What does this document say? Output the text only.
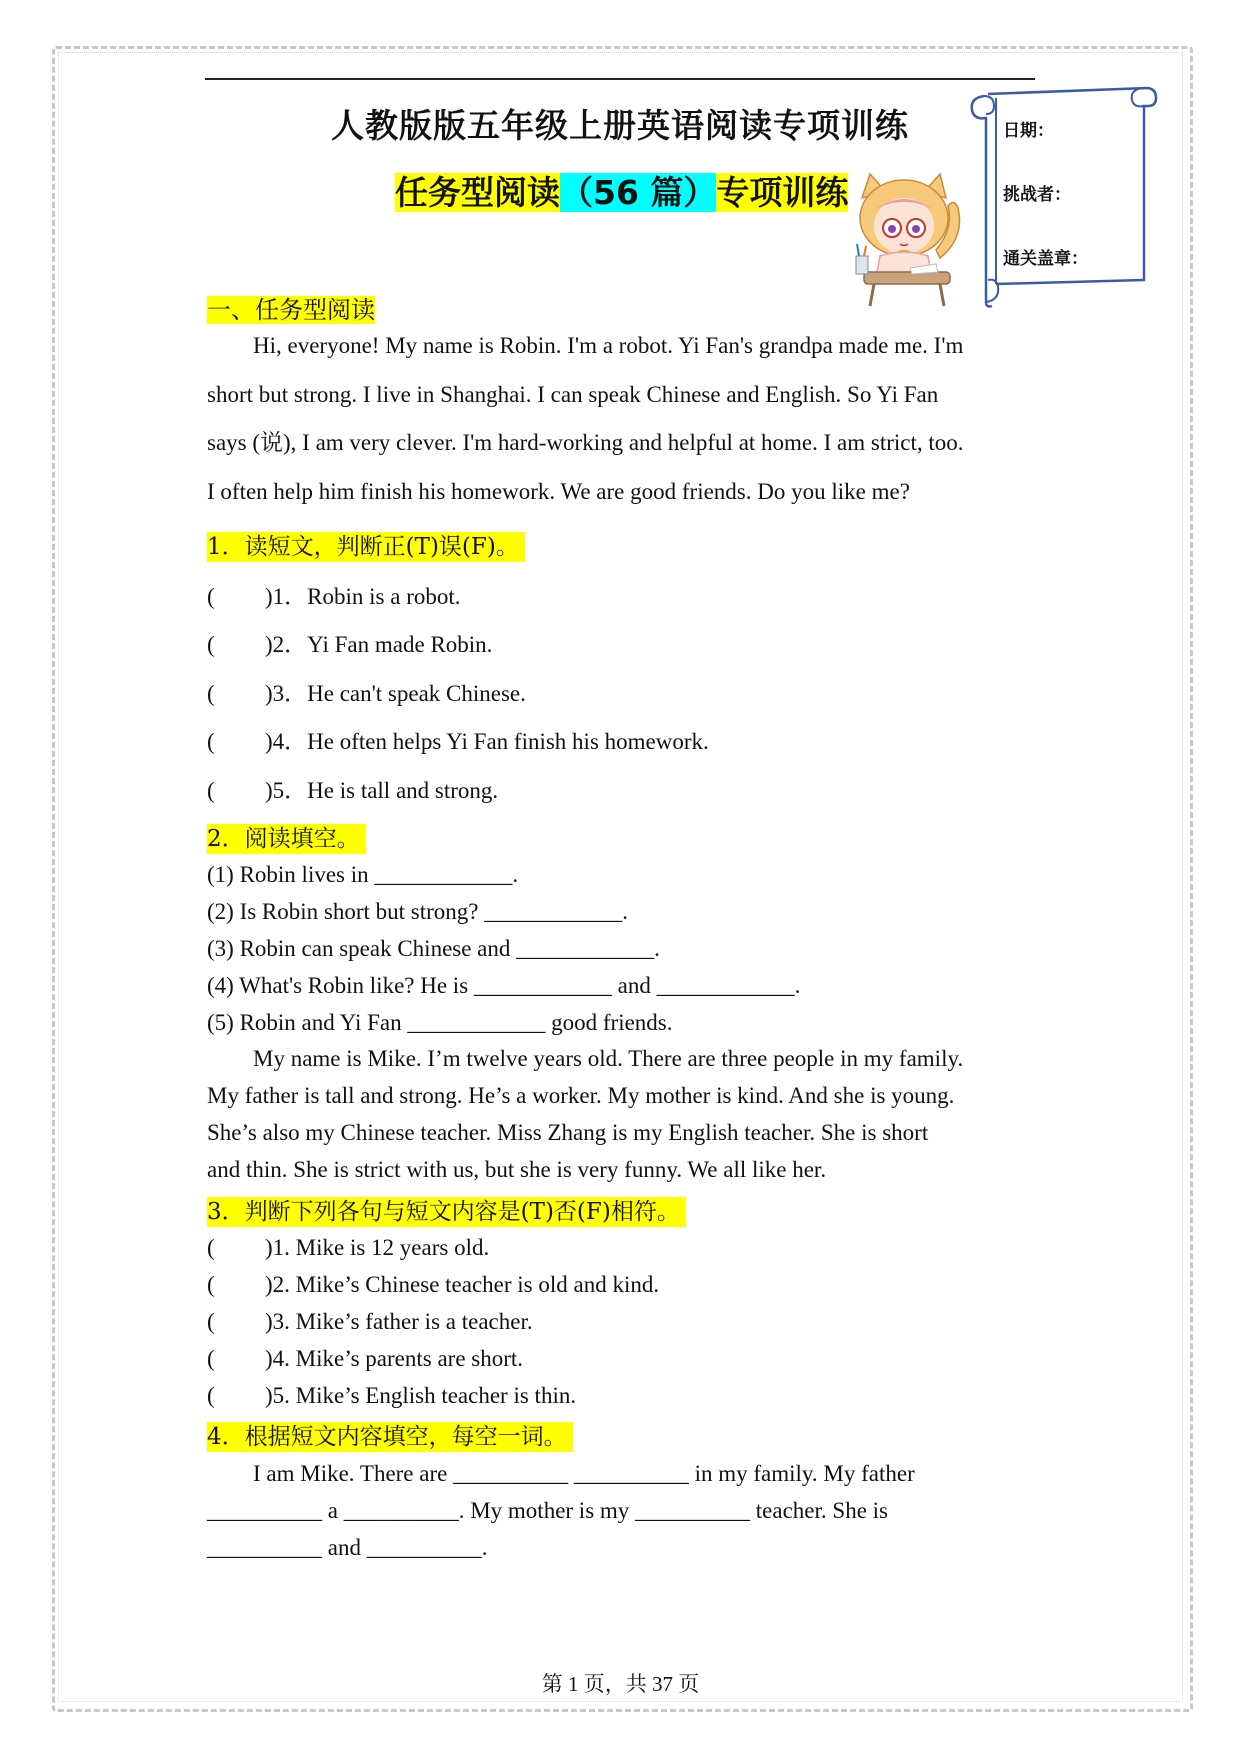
人教版版五年级上册英语阅读专项训练
任务型阅读（56 篇）专项训练
日期：
挑战者：
通关盖章：
一、任务型阅读
Hi, everyone! My name is Robin. I'm a robot. Yi Fan's grandpa made me. I'm
short but strong. I live in Shanghai. I can speak Chinese and English. So Yi Fan
says (说), I am very clever. I'm hard-working and helpful at home. I am strict, too.
I often help him finish his homework. We are good friends. Do you like me?
1．读短文，判断正(T)误(F)。
( )1．Robin is a robot.
( )2．Yi Fan made Robin.
( )3．He can't speak Chinese.
( )4．He often helps Yi Fan finish his homework.
( )5．He is tall and strong.
2．阅读填空。
(1) Robin lives in ____________.
(2) Is Robin short but strong? ____________.
(3) Robin can speak Chinese and ____________.
(4) What's Robin like? He is ____________ and ____________.
(5) Robin and Yi Fan ____________ good friends.
My name is Mike. I’m twelve years old. There are three people in my family.
My father is tall and strong. He’s a worker. My mother is kind. And she is young.
She’s also my Chinese teacher. Miss Zhang is my English teacher. She is short
and thin. She is strict with us, but she is very funny. We all like her.
3．判断下列各句与短文内容是(T)否(F)相符。
( )1. Mike is 12 years old.
( )2. Mike’s Chinese teacher is old and kind.
( )3. Mike’s father is a teacher.
( )4. Mike’s parents are short.
( )5. Mike’s English teacher is thin.
4．根据短文内容填空，每空一词。
I am Mike. There are __________ __________ in my family. My father
__________ a __________. My mother is my __________ teacher. She is
__________ and __________.
第 1 页，共 37 页
